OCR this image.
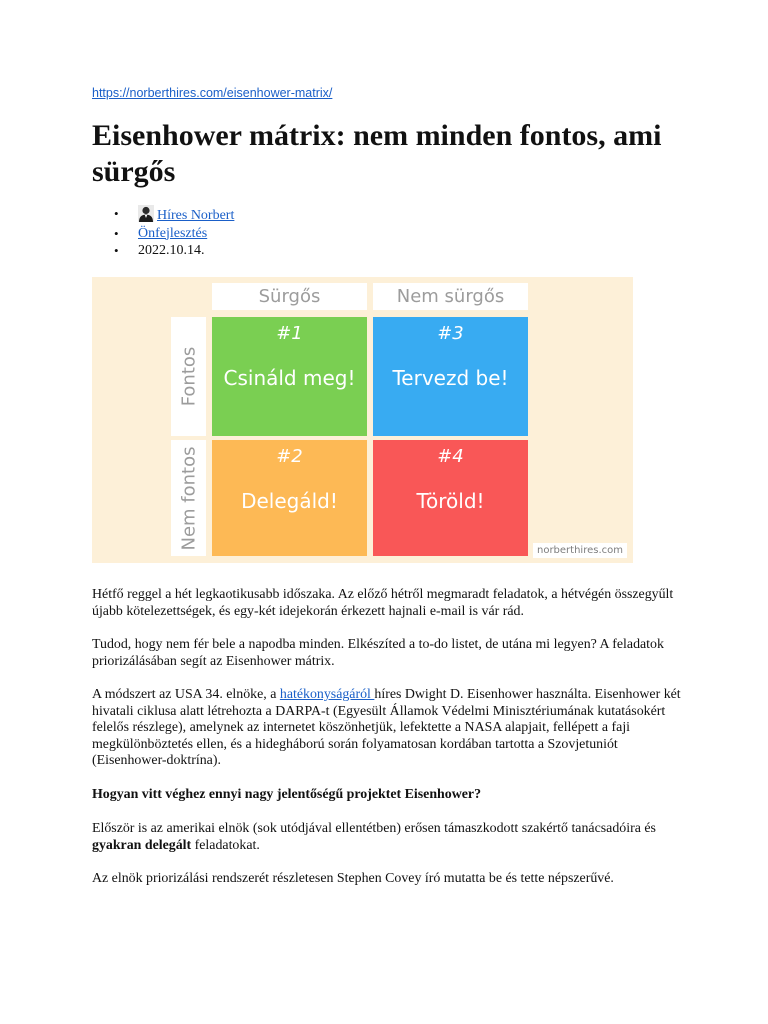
https://norberthires.com/eisenhower-matrix/
Eisenhower mátrix: nem minden fontos, ami sürgős
• Híres Norbert
• Önfejlesztés
• 2022.10.14.
Sürgős	Nem sürgős
Fontos
Nem fontos
#1
Csináld meg!
#3
Tervezd be!
#2
Delegáld!
#4
Töröld!
norberthires.com

Hétfő reggel a hét legkaotikusabb időszaka. Az előző hétről megmaradt feladatok, a hétvégén összegyűlt újabb kötelezettségek, és egy-két idejekorán érkezett hajnali e-mail is vár rád.

Tudod, hogy nem fér bele a napodba minden. Elkészíted a to-do listet, de utána mi legyen? A feladatok priorizálásában segít az Eisenhower mátrix.

A módszert az USA 34. elnöke, a hatékonyságáról híres Dwight D. Eisenhower használta. Eisenhower két hivatali ciklusa alatt létrehozta a DARPA-t (Egyesült Államok Védelmi Minisztériumának kutatásokért felelős részlege), amelynek az internetet köszönhetjük, lefektette a NASA alapjait, fellépett a faji megkülönböztetés ellen, és a hidegháború során folyamatosan kordában tartotta a Szovjetuniót (Eisenhower-doktrína).

Hogyan vitt véghez ennyi nagy jelentőségű projektet Eisenhower?

Először is az amerikai elnök (sok utódjával ellentétben) erősen támaszkodott szakértő tanácsadóira és gyakran delegált feladatokat.

Az elnök priorizálási rendszerét részletesen Stephen Covey író mutatta be és tette népszerűvé.
